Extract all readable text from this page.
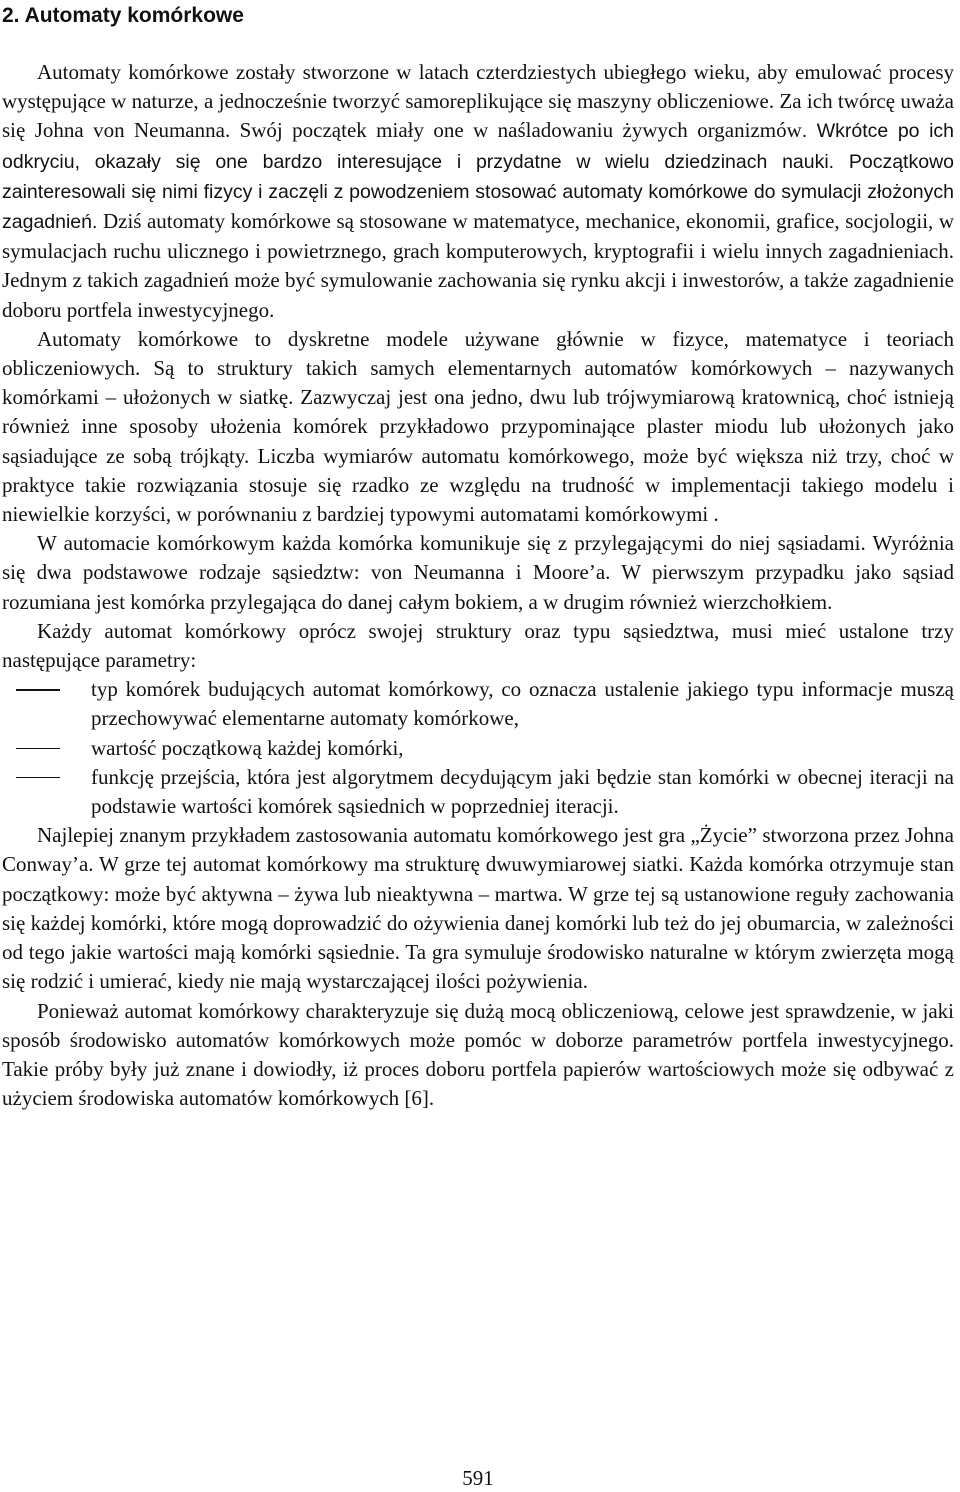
2. Automaty komórkowe

Automaty komórkowe zostały stworzone w latach czterdziestych ubiegłego wieku, aby emulować procesy występujące w naturze, a jednocześnie tworzyć samoreplikujące się maszyny obliczeniowe. Za ich twórcę uważa się Johna von Neumanna. Swój początek miały one w naśladowaniu żywych organizmów. Wkrótce po ich odkryciu, okazały się one bardzo interesujące i przydatne w wielu dziedzinach nauki. Początkowo zainteresowali się nimi fizycy i zaczęli z powodzeniem stosować automaty komórkowe do symulacji złożonych zagadnień. Dziś automaty komórkowe są stosowane w matematyce, mechanice, ekonomii, grafice, socjologii, w symulacjach ruchu ulicznego i powietrznego, grach komputerowych, kryptografii i wielu innych zagadnieniach. Jednym z takich zagadnień może być symulowanie zachowania się rynku akcji i inwestorów, a także zagadnienie doboru portfela inwestycyjnego.

Automaty komórkowe to dyskretne modele używane głównie w fizyce, matematyce i teoriach obliczeniowych. Są to struktury takich samych elementarnych automatów komórkowych – nazywanych komórkami – ułożonych w siatkę. Zazwyczaj jest ona jedno, dwu lub trójwymiarową kratownicą, choć istnieją również inne sposoby ułożenia komórek przykładowo przypominające plaster miodu lub ułożonych jako sąsiadujące ze sobą trójkąty. Liczba wymiarów automatu komórkowego, może być większa niż trzy, choć w praktyce takie rozwiązania stosuje się rzadko ze względu na trudność w implementacji takiego modelu i niewielkie korzyści, w porównaniu z bardziej typowymi automatami komórkowymi .

W automacie komórkowym każda komórka komunikuje się z przylegającymi do niej sąsiadami. Wyróżnia się dwa podstawowe rodzaje sąsiedztw: von Neumanna i Moore’a. W pierwszym przypadku jako sąsiad rozumiana jest komórka przylegająca do danej całym bokiem, a w drugim również wierzchołkiem.

Każdy automat komórkowy oprócz swojej struktury oraz typu sąsiedztwa, musi mieć ustalone trzy następujące parametry:

typ komórek budujących automat komórkowy, co oznacza ustalenie jakiego typu informacje muszą przechowywać elementarne automaty komórkowe,
wartość początkową każdej komórki,
funkcję przejścia, która jest algorytmem decydującym jaki będzie stan komórki w obecnej iteracji na podstawie wartości komórek sąsiednich w poprzedniej iteracji.

Najlepiej znanym przykładem zastosowania automatu komórkowego jest gra „Życie” stworzona przez Johna Conway’a. W grze tej automat komórkowy ma strukturę dwuwymiarowej siatki. Każda komórka otrzymuje stan początkowy: może być aktywna – żywa lub nieaktywna – martwa. W grze tej są ustanowione reguły zachowania się każdej komórki, które mogą doprowadzić do ożywienia danej komórki lub też do jej obumarcia, w zależności od tego jakie wartości mają komórki sąsiednie. Ta gra symuluje środowisko naturalne w którym zwierzęta mogą się rodzić i umierać, kiedy nie mają wystarczającej ilości pożywienia.

Ponieważ automat komórkowy charakteryzuje się dużą mocą obliczeniową, celowe jest sprawdzenie, w jaki sposób środowisko automatów komórkowych może pomóc w doborze parametrów portfela inwestycyjnego. Takie próby były już znane i dowiodły, iż proces doboru portfela papierów wartościowych może się odbywać z użyciem środowiska automatów komórkowych [6].

591
